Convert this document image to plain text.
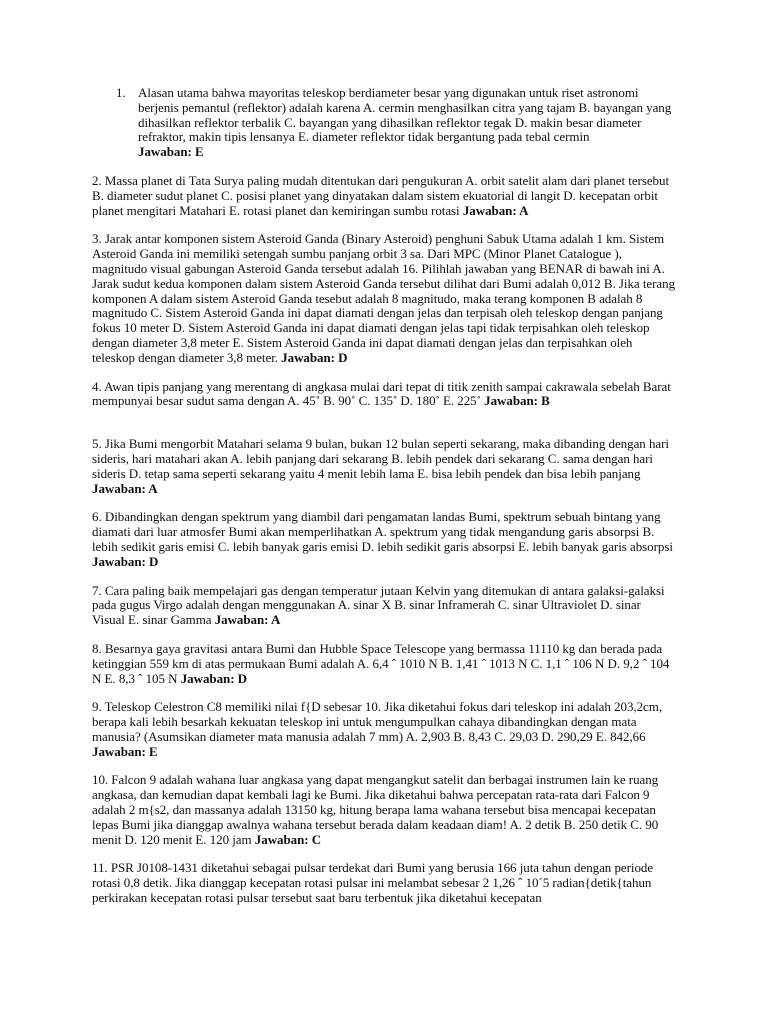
1. Alasan utama bahwa mayoritas teleskop berdiameter besar yang digunakan untuk riset astronomi berjenis pemantul (reflektor) adalah karena A. cermin menghasilkan citra yang tajam B. bayangan yang dihasilkan reflektor terbalik C. bayangan yang dihasilkan reflektor tegak D. makin besar diameter refraktor, makin tipis lensanya E. diameter reflektor tidak bergantung pada tebal cermin
Jawaban: E

2. Massa planet di Tata Surya paling mudah ditentukan dari pengukuran A. orbit satelit alam dari planet tersebut B. diameter sudut planet C. posisi planet yang dinyatakan dalam sistem ekuatorial di langit D. kecepatan orbit planet mengitari Matahari E. rotasi planet dan kemiringan sumbu rotasi Jawaban: A

3. Jarak antar komponen sistem Asteroid Ganda (Binary Asteroid) penghuni Sabuk Utama adalah 1 km. Sistem Asteroid Ganda ini memiliki setengah sumbu panjang orbit 3 sa. Dari MPC (Minor Planet Catalogue ), magnitudo visual gabungan Asteroid Ganda tersebut adalah 16. Pilihlah jawaban yang BENAR di bawah ini A. Jarak sudut kedua komponen dalam sistem Asteroid Ganda tersebut dilihat dari Bumi adalah 0,012 B. Jika terang komponen A dalam sistem Asteroid Ganda tesebut adalah 8 magnitudo, maka terang komponen B adalah 8 magnitudo C. Sistem Asteroid Ganda ini dapat diamati dengan jelas dan terpisah oleh teleskop dengan panjang fokus 10 meter D. Sistem Asteroid Ganda ini dapat diamati dengan jelas tapi tidak terpisahkan oleh teleskop dengan diameter 3,8 meter E. Sistem Asteroid Ganda ini dapat diamati dengan jelas dan terpisahkan oleh teleskop dengan diameter 3,8 meter. Jawaban: D

4. Awan tipis panjang yang merentang di angkasa mulai dari tepat di titik zenith sampai cakrawala sebelah Barat mempunyai besar sudut sama dengan A. 45˚ B. 90˚ C. 135˚ D. 180˚ E. 225˚ Jawaban: B

5. Jika Bumi mengorbit Matahari selama 9 bulan, bukan 12 bulan seperti sekarang, maka dibanding dengan hari sideris, hari matahari akan A. lebih panjang dari sekarang B. lebih pendek dari sekarang C. sama dengan hari sideris D. tetap sama seperti sekarang yaitu 4 menit lebih lama E. bisa lebih pendek dan bisa lebih panjang Jawaban: A

6. Dibandingkan dengan spektrum yang diambil dari pengamatan landas Bumi, spektrum sebuah bintang yang diamati dari luar atmosfer Bumi akan memperlihatkan A. spektrum yang tidak mengandung garis absorpsi B. lebih sedikit garis emisi C. lebih banyak garis emisi D. lebih sedikit garis absorpsi E. lebih banyak garis absorpsi Jawaban: D

7. Cara paling baik mempelajari gas dengan temperatur jutaan Kelvin yang ditemukan di antara galaksi-galaksi pada gugus Virgo adalah dengan menggunakan A. sinar X B. sinar Inframerah C. sinar Ultraviolet D. sinar Visual E. sinar Gamma Jawaban: A

8. Besarnya gaya gravitasi antara Bumi dan Hubble Space Telescope yang bermassa 11110 kg dan berada pada ketinggian 559 km di atas permukaan Bumi adalah A. 6,4 ˆ 1010 N B. 1,41 ˆ 1013 N C. 1,1 ˆ 106 N D. 9,2 ˆ 104 N E. 8,3 ˆ 105 N Jawaban: D

9. Teleskop Celestron C8 memiliki nilai f{D sebesar 10. Jika diketahui fokus dari teleskop ini adalah 203,2cm, berapa kali lebih besarkah kekuatan teleskop ini untuk mengumpulkan cahaya dibandingkan dengan mata manusia? (Asumsikan diameter mata manusia adalah 7 mm) A. 2,903 B. 8,43 C. 29,03 D. 290,29 E. 842,66 Jawaban: E

10. Falcon 9 adalah wahana luar angkasa yang dapat mengangkut satelit dan berbagai instrumen lain ke ruang angkasa, dan kemudian dapat kembali lagi ke Bumi. Jika diketahui bahwa percepatan rata-rata dari Falcon 9 adalah 2 m{s2, dan massanya adalah 13150 kg, hitung berapa lama wahana tersebut bisa mencapai kecepatan lepas Bumi jika dianggap awalnya wahana tersebut berada dalam keadaan diam! A. 2 detik B. 250 detik C. 90 menit D. 120 menit E. 120 jam Jawaban: C

11. PSR J0108-1431 diketahui sebagai pulsar terdekat dari Bumi yang berusia 166 juta tahun dengan periode rotasi 0,8 detik. Jika dianggap kecepatan rotasi pulsar ini melambat sebesar 2 1,26 ˆ 10´5 radian{detik{tahun perkirakan kecepatan rotasi pulsar tersebut saat baru terbentuk jika diketahui kecepatan
